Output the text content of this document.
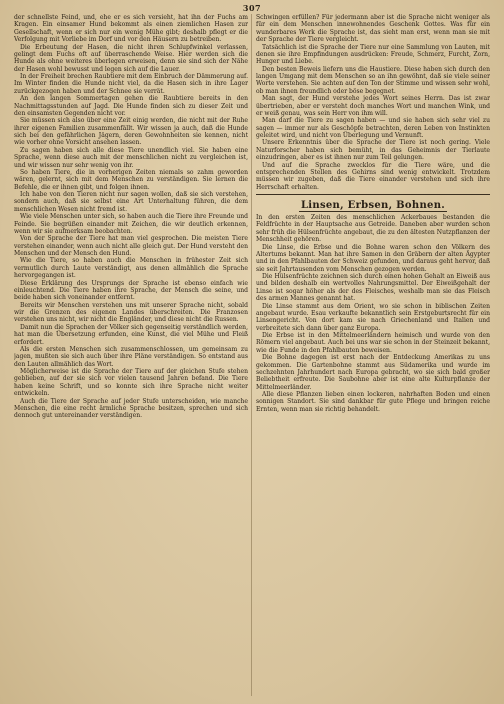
307

der schnellste Feind, und, ehe er es sich versieht, hat ihn der Fuchs am Kragen. Ein einsamer Hund bekommt als einen ziemlichen Hasen zur Gesellschaft, wenn er sich nur ein wenig Mühe gibt; deshalb pflegt er die Verfolgung mit Vorliebe im Dorf und vor den Häusern zu betreiben.

Die Erbeutung der Hasen, die nicht ihren Schlupfwinkel verlassen, gelingt dem Fuchs oft auf überraschende Weise. Hier werden sich die Hunde als ohne weiteres überlegen erweisen, denn sie sind sich der Nähe der Hasen wohl bewusst und legen sich auf die Lauer.

In der Freiheit brechen Raubtiere mit dem Einbruch der Dämmerung auf. Im Winter finden die Hunde nicht viel, da die Hasen sich in ihre Lager zurückgezogen haben und der Schnee sie verrät.

An den langen Sommertagen gehen die Raubtiere bereits in den Nachmittagsstunden auf Jagd. Die Hunde finden sich zu dieser Zeit und den einsamsten Gegenden nicht vor.

Sie müssen sich also über eine Zeit einig werden, die nicht mit der Ruhe ihrer eigenen Familien zusammenfällt. Wir wissen ja auch, daß die Hunde sich bei den gefährlichen Jägern, deren Gewohnheiten sie kennen, nicht wie vorher ohne Vorsicht ansehen lassen.

Zu sagen haben sich alle diese Tiere unendlich viel. Sie haben eine Sprache, wenn diese auch mit der menschlichen nicht zu vergleichen ist, und wir wissen nur sehr wenig von ihr.

So haben Tiere, die in vorherigen Zeiten niemals so zahm geworden wären, gelernt, sich mit dem Menschen zu verständigen. Sie lernen die Befehle, die er ihnen gibt, und folgen ihnen.

Ich habe von den Tieren nicht nur sagen wollen, daß sie sich verstehen, sondern auch, daß sie selbst eine Art Unterhaltung führen, die dem menschlichen Wesen nicht fremd ist.

Wie viele Menschen unter sich, so haben auch die Tiere ihre Freunde und Feinde. Sie begrüßen einander mit Zeichen, die wir deutlich erkennen, wenn wir sie aufmerksam beobachten.

Von der Sprache der Tiere hat man viel gesprochen. Die meisten Tiere verstehen einander, wenn auch nicht alle gleich gut. Der Hund versteht den Menschen und der Mensch den Hund.

Wie die Tiere, so haben auch die Menschen in frühester Zeit sich vermutlich durch Laute verständigt, aus denen allmählich die Sprache hervorgegangen ist.

Diese Erklärung des Ursprungs der Sprache ist ebenso einfach wie einleuchtend. Die Tiere haben ihre Sprache, der Mensch die seine, und beide haben sich voneinander entfernt.

Bereits wir Menschen verstehen uns mit unserer Sprache nicht, sobald wir die Grenzen des eigenen Landes überschreiten. Die Franzosen verstehen uns nicht, wir nicht die Engländer, und diese nicht die Russen.

Damit nun die Sprachen der Völker sich gegenseitig verständlich werden, hat man die Übersetzung erfunden, eine Kunst, die viel Mühe und Fleiß erfordert.

Als die ersten Menschen sich zusammenschlossen, um gemeinsam zu jagen, mußten sie sich auch über ihre Pläne verständigen. So entstand aus den Lauten allmählich das Wort.

Möglicherweise ist die Sprache der Tiere auf der gleichen Stufe stehen geblieben, auf der sie sich vor vielen tausend Jahren befand. Die Tiere haben keine Schrift, und so konnte sich ihre Sprache nicht weiter entwickeln.

Auch die Tiere der Sprache auf jeder Stufe unterscheiden, wie manche Menschen, die eine recht ärmliche Sprache besitzen, sprechen und sich dennoch gut untereinander verständigen.

Schwingen erfüllen? Für jedermann aber ist die Sprache nicht weniger als für ein dem Menschen innewohnendes Geschenk Gottes. Was für ein wunderbares Werk die Sprache ist, das sieht man erst, wenn man sie mit der Sprache der Tiere vergleicht.

Tatsächlich ist die Sprache der Tiere nur eine Sammlung von Lauten, mit denen sie ihre Empfindungen ausdrücken: Freude, Schmerz, Furcht, Zorn, Hunger und Liebe.

Den besten Beweis liefern uns die Haustiere. Diese haben sich durch den langen Umgang mit dem Menschen so an ihn gewöhnt, daß sie viele seiner Worte verstehen. Sie achten auf den Ton der Stimme und wissen sehr wohl, ob man ihnen freundlich oder böse begegnet.

Man sagt, der Hund verstehe jedes Wort seines Herrn. Das ist zwar übertrieben, aber er versteht doch manches Wort und manchen Wink, und er weiß genau, was sein Herr von ihm will.

Man darf die Tiere zu sagen haben — und sie haben sich sehr viel zu sagen — immer nur als Geschöpfe betrachten, deren Leben von Instinkten geleitet wird, und nicht von Überlegung und Vernunft.

Unsere Erkenntnis über die Sprache der Tiere ist noch gering. Viele Naturforscher haben sich bemüht, in das Geheimnis der Tierlaute einzudringen, aber es ist ihnen nur zum Teil gelungen.

Und auf die Sprache zwecklos für die Tiere wäre, und die entsprechenden Stellen des Gehirns sind wenig entwickelt. Trotzdem müssen wir zugeben, daß die Tiere einander verstehen und sich ihre Herrschaft erhalten.

Linsen, Erbsen, Bohnen.

In den ersten Zeiten des menschlichen Ackerbaues bestanden die Feldfrüchte in der Hauptsache aus Getreide. Daneben aber wurden schon sehr früh die Hülsenfrüchte angebaut, die zu den ältesten Nutzpflanzen der Menschheit gehören.

Die Linse, die Erbse und die Bohne waren schon den Völkern des Altertums bekannt. Man hat ihre Samen in den Gräbern der alten Ägypter und in den Pfahlbauten der Schweiz gefunden, und daraus geht hervor, daß sie seit Jahrtausenden vom Menschen gezogen werden.

Die Hülsenfrüchte zeichnen sich durch einen hohen Gehalt an Eiweiß aus und bilden deshalb ein wertvolles Nahrungsmittel. Der Eiweißgehalt der Linse ist sogar höher als der des Fleisches, weshalb man sie das Fleisch des armen Mannes genannt hat.

Die Linse stammt aus dem Orient, wo sie schon in biblischen Zeiten angebaut wurde. Esau verkaufte bekanntlich sein Erstgeburtsrecht für ein Linsengericht. Von dort kam sie nach Griechenland und Italien und verbreitete sich dann über ganz Europa.

Die Erbse ist in den Mittelmeerländern heimisch und wurde von den Römern viel angebaut. Auch bei uns war sie schon in der Steinzeit bekannt, wie die Funde in den Pfahlbauten beweisen.

Die Bohne dagegen ist erst nach der Entdeckung Amerikas zu uns gekommen. Die Gartenbohne stammt aus Südamerika und wurde im sechzehnten Jahrhundert nach Europa gebracht, wo sie sich bald großer Beliebtheit erfreute. Die Saubohne aber ist eine alte Kulturpflanze der Mittelmeerländer.

Alle diese Pflanzen lieben einen lockeren, nahrhaften Boden und einen sonnigen Standort. Sie sind dankbar für gute Pflege und bringen reiche Ernten, wenn man sie richtig behandelt.
